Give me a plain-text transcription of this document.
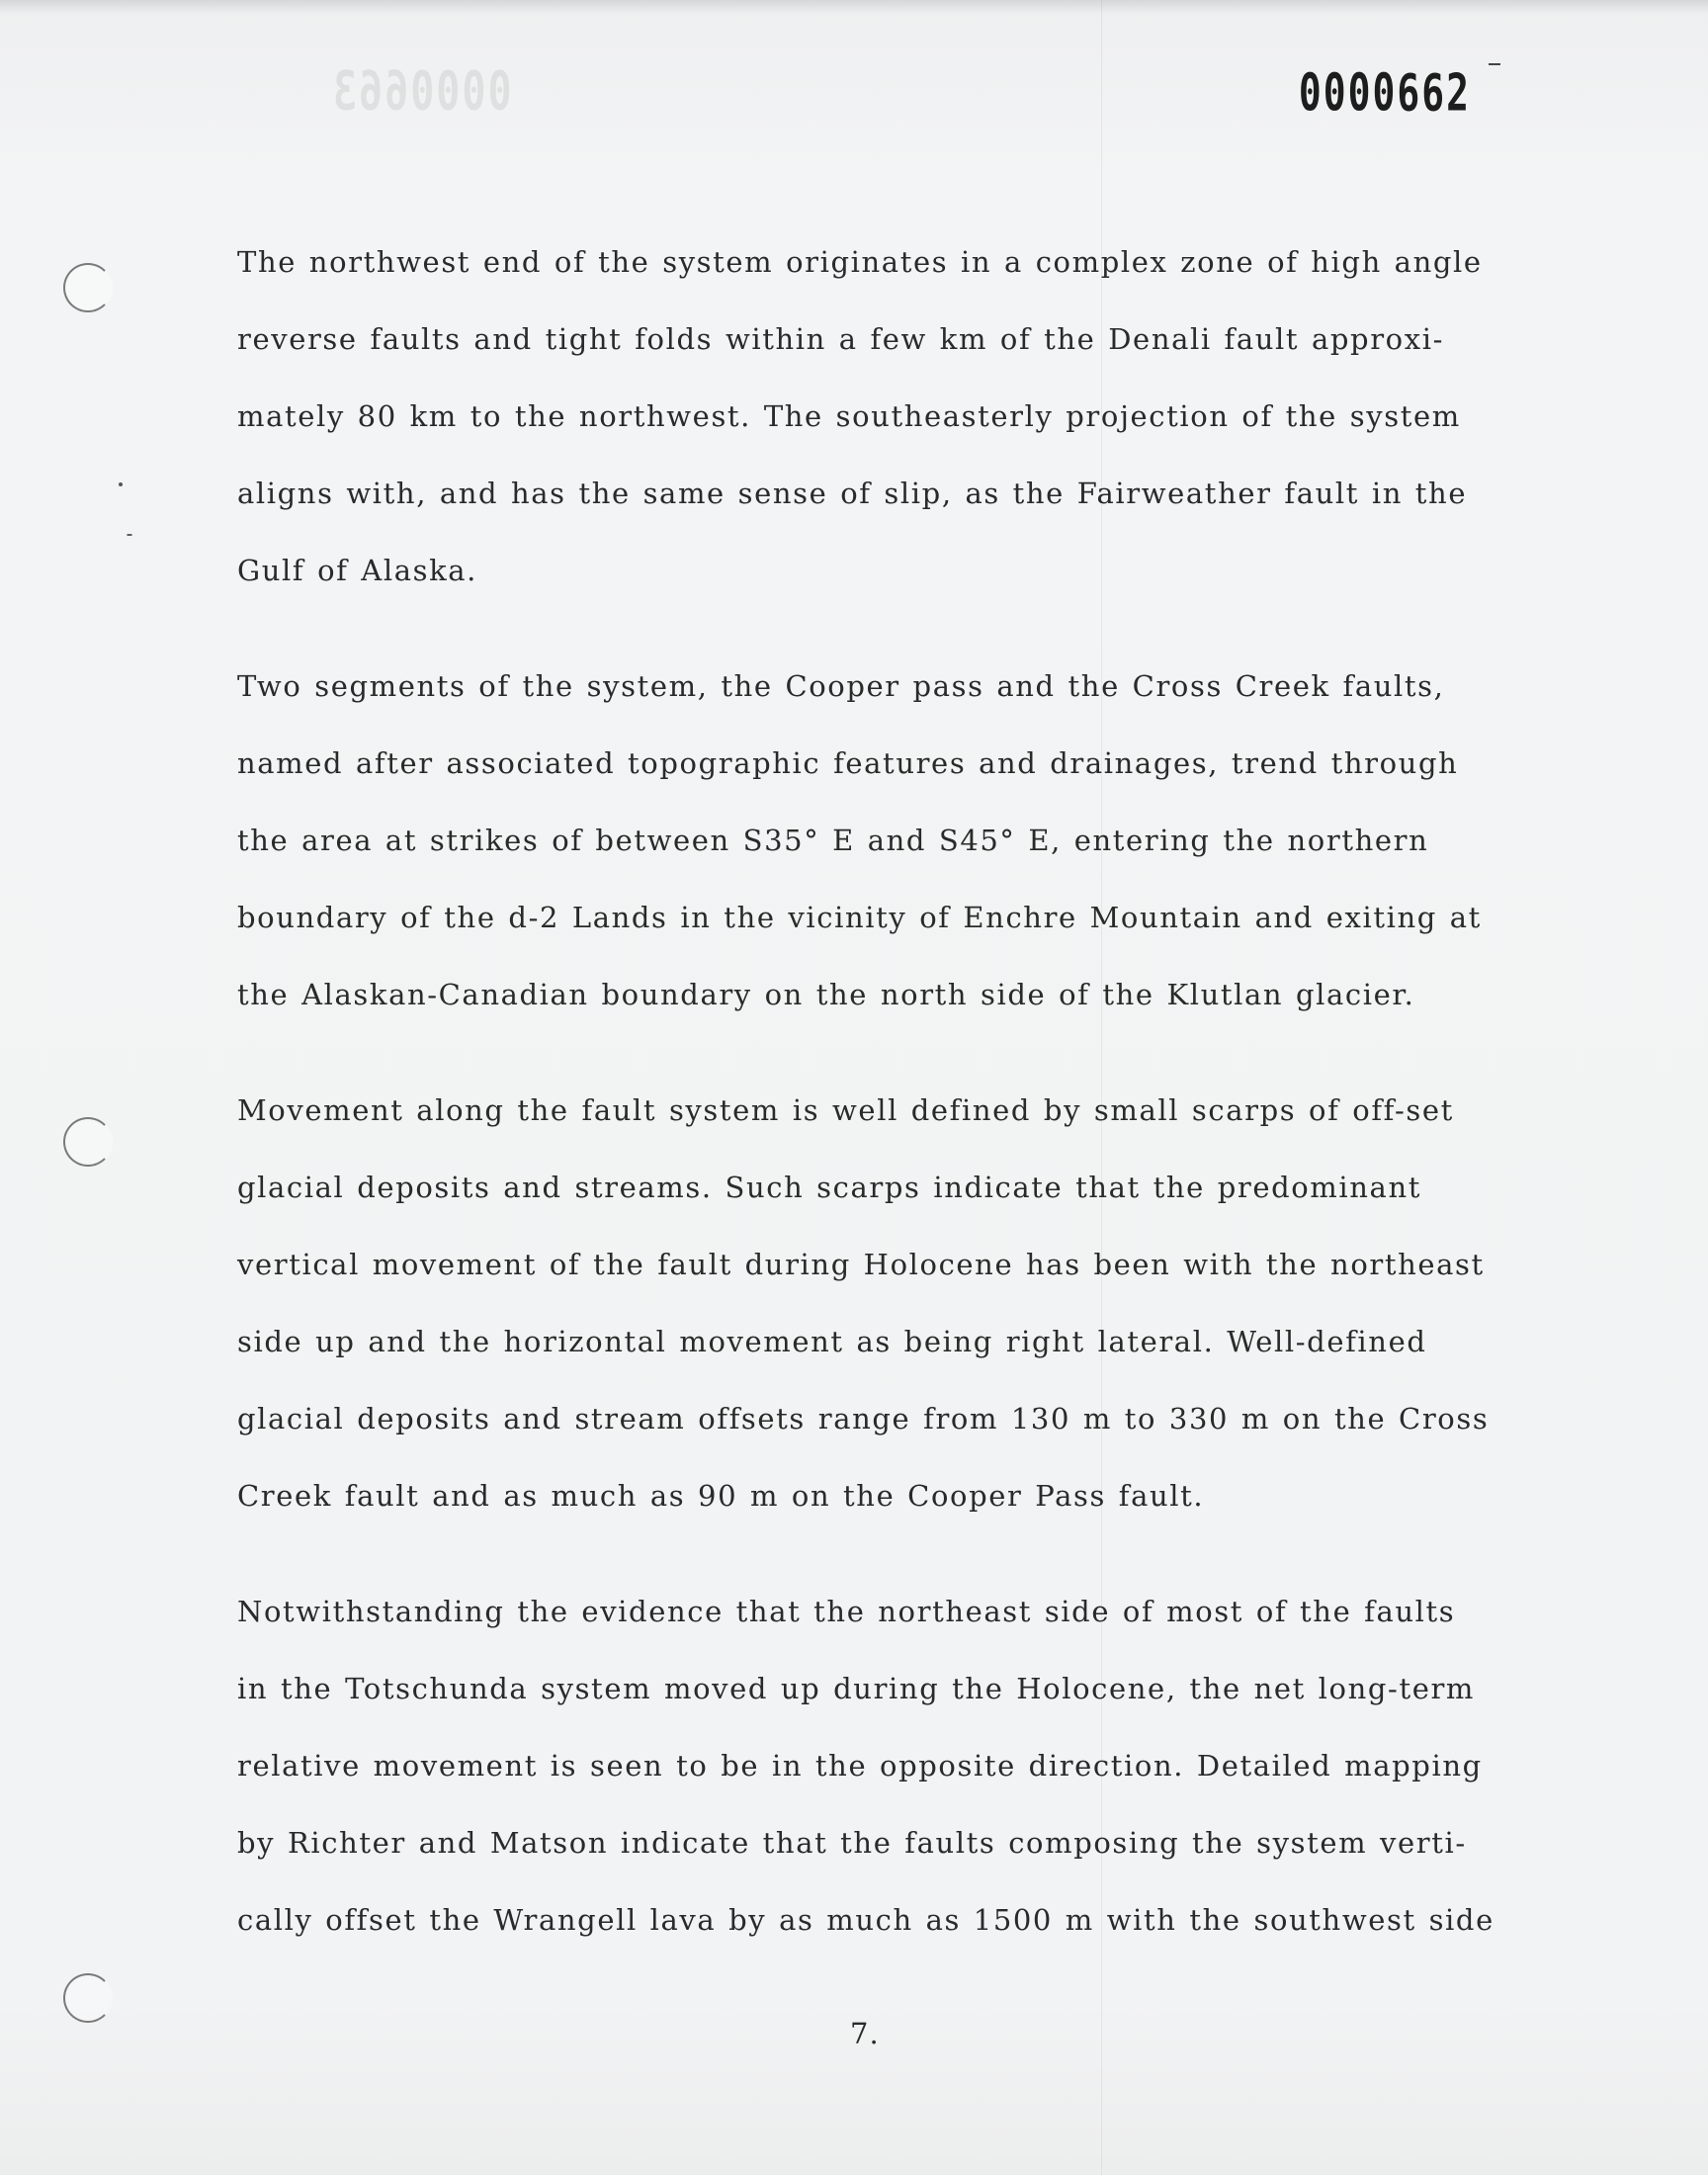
0000663	0000662
The northwest end of the system originates in a complex zone of high angle
reverse faults and tight folds within a few km of the Denali fault approxi-
mately 80 km to the northwest. The southeasterly projection of the system
aligns with, and has the same sense of slip, as the Fairweather fault in the
Gulf of Alaska.
Two segments of the system, the Cooper pass and the Cross Creek faults,
named after associated topographic features and drainages, trend through
the area at strikes of between S35° E and S45° E, entering the northern
boundary of the d-2 Lands in the vicinity of Enchre Mountain and exiting at
the Alaskan-Canadian boundary on the north side of the Klutlan glacier.
Movement along the fault system is well defined by small scarps of off-set
glacial deposits and streams. Such scarps indicate that the predominant
vertical movement of the fault during Holocene has been with the northeast
side up and the horizontal movement as being right lateral. Well-defined
glacial deposits and stream offsets range from 130 m to 330 m on the Cross
Creek fault and as much as 90 m on the Cooper Pass fault.
Notwithstanding the evidence that the northeast side of most of the faults
in the Totschunda system moved up during the Holocene, the net long-term
relative movement is seen to be in the opposite direction. Detailed mapping
by Richter and Matson indicate that the faults composing the system verti-
cally offset the Wrangell lava by as much as 1500 m with the southwest side
7.
